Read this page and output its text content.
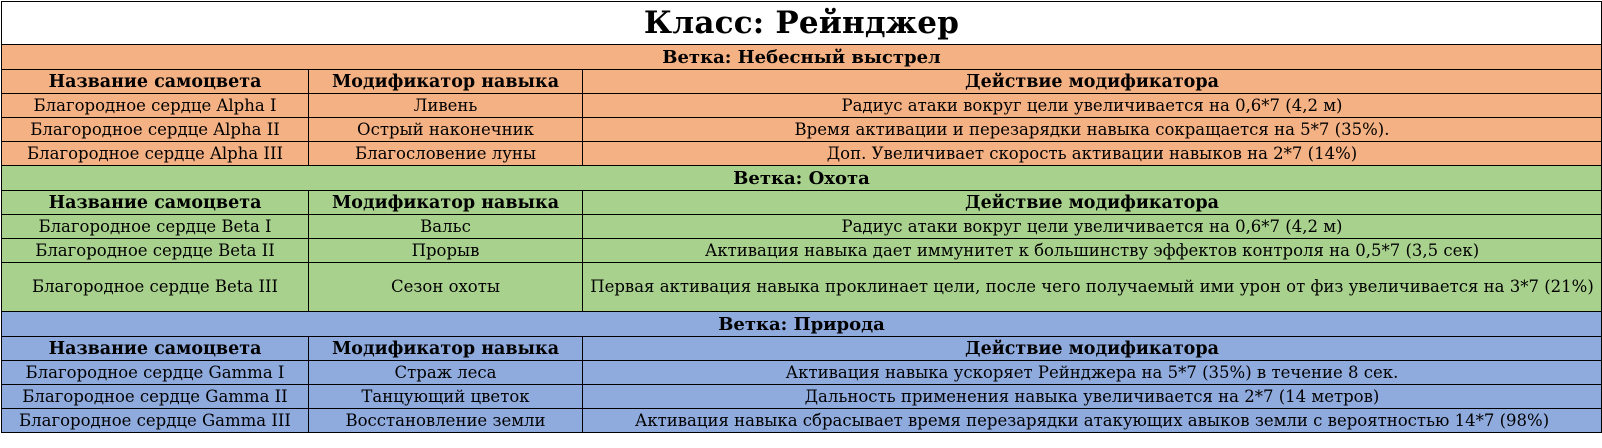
Класс: Рейнджер		
Ветка: Небесный выстрел		
Название самоцвета	Модификатор навыка	Действие модификатора
Благородное сердце Alpha I	Ливень	Радиус атаки вокруг цели увеличивается на 0,6*7 (4,2 м)
Благородное сердце Alpha II	Острый наконечник	Время активации и перезарядки навыка сокращается на 5*7 (35%).
Благородное сердце Alpha III	Благословение луны	Доп. Увеличивает скорость активации навыков на 2*7 (14%)
Ветка: Охота		
Название самоцвета	Модификатор навыка	Действие модификатора
Благородное сердце Beta I	Вальс	Радиус атаки вокруг цели увеличивается на 0,6*7 (4,2 м)
Благородное сердце Beta II	Прорыв	Активация навыка дает иммунитет к большинству эффектов контроля на 0,5*7 (3,5 сек)
Благородное сердце Beta III	Сезон охоты	Первая активация навыка проклинает цели, после чего получаемый ими урон от физ увеличивается на 3*7 (21%)
Ветка: Природа		
Название самоцвета	Модификатор навыка	Действие модификатора
Благородное сердце Gamma I	Страж леса	Активация навыка ускоряет Рейнджера на 5*7 (35%) в течение 8 сек.
Благородное сердце Gamma II	Танцующий цветок	Дальность применения навыка увеличивается на 2*7 (14 метров)
Благородное сердце Gamma III	Восстановление земли	Активация навыка сбрасывает время перезарядки атакующих авыков земли с вероятностью 14*7 (98%)
